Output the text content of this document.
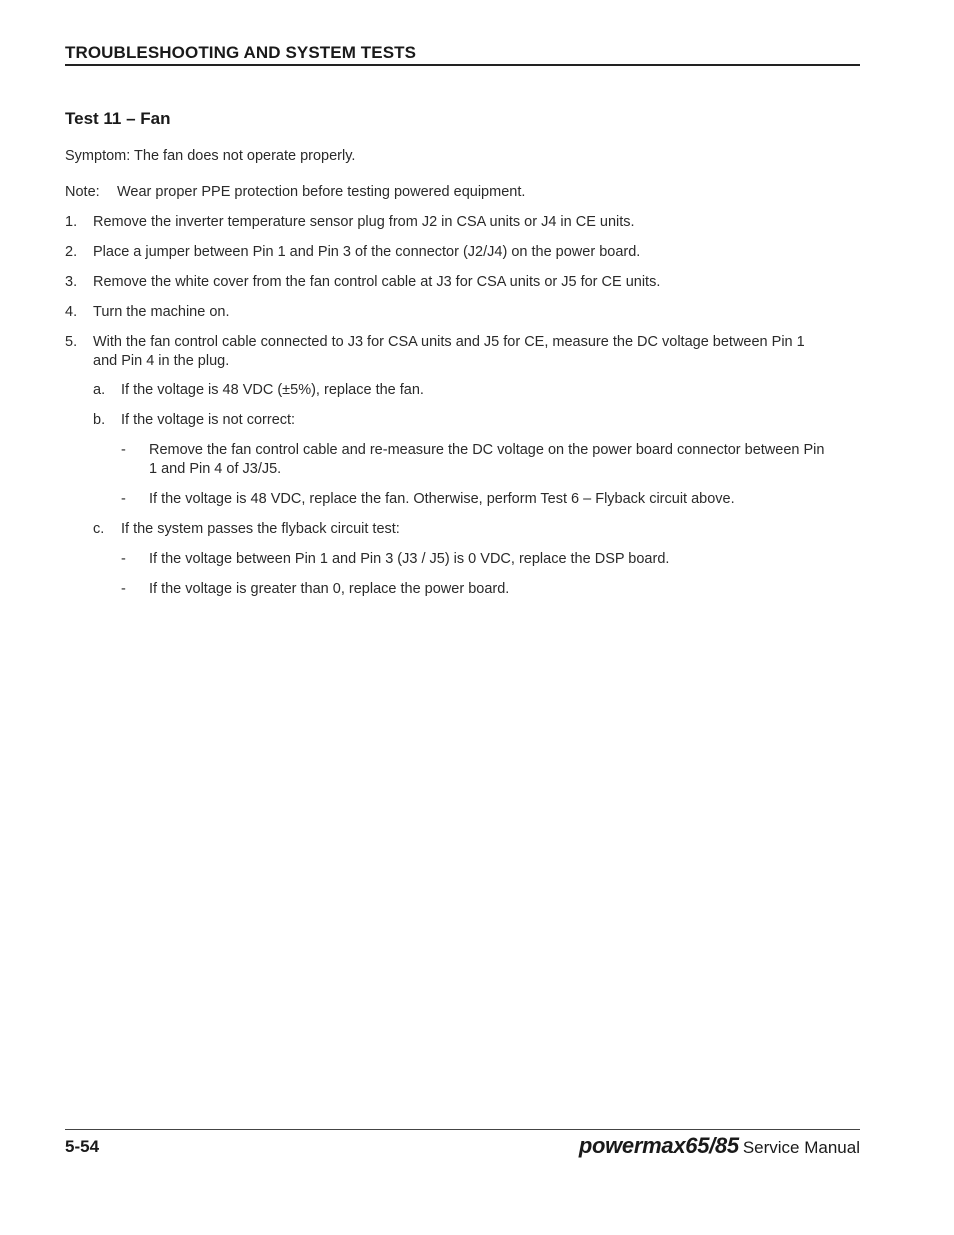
TROUBLESHOOTING AND SYSTEM TESTS
Test 11 – Fan
Symptom: The fan does not operate properly.
Note: Wear proper PPE protection before testing powered equipment.
1. Remove the inverter temperature sensor plug from J2 in CSA units or J4 in CE units.
2. Place a jumper between Pin 1 and Pin 3 of the connector (J2/J4) on the power board.
3. Remove the white cover from the fan control cable at J3 for CSA units or J5 for CE units.
4. Turn the machine on.
5. With the fan control cable connected to J3 for CSA units and J5 for CE, measure the DC voltage between Pin 1
and Pin 4 in the plug.
a. If the voltage is 48 VDC (±5%), replace the fan.
b. If the voltage is not correct:
- Remove the fan control cable and re-measure the DC voltage on the power board connector between Pin
1 and Pin 4 of J3/J5.
- If the voltage is 48 VDC, replace the fan. Otherwise, perform Test 6 – Flyback circuit above.
c. If the system passes the flyback circuit test:
- If the voltage between Pin 1 and Pin 3 (J3 / J5) is 0 VDC, replace the DSP board.
- If the voltage is greater than 0, replace the power board.
5-54	powermax65/85 Service Manual
